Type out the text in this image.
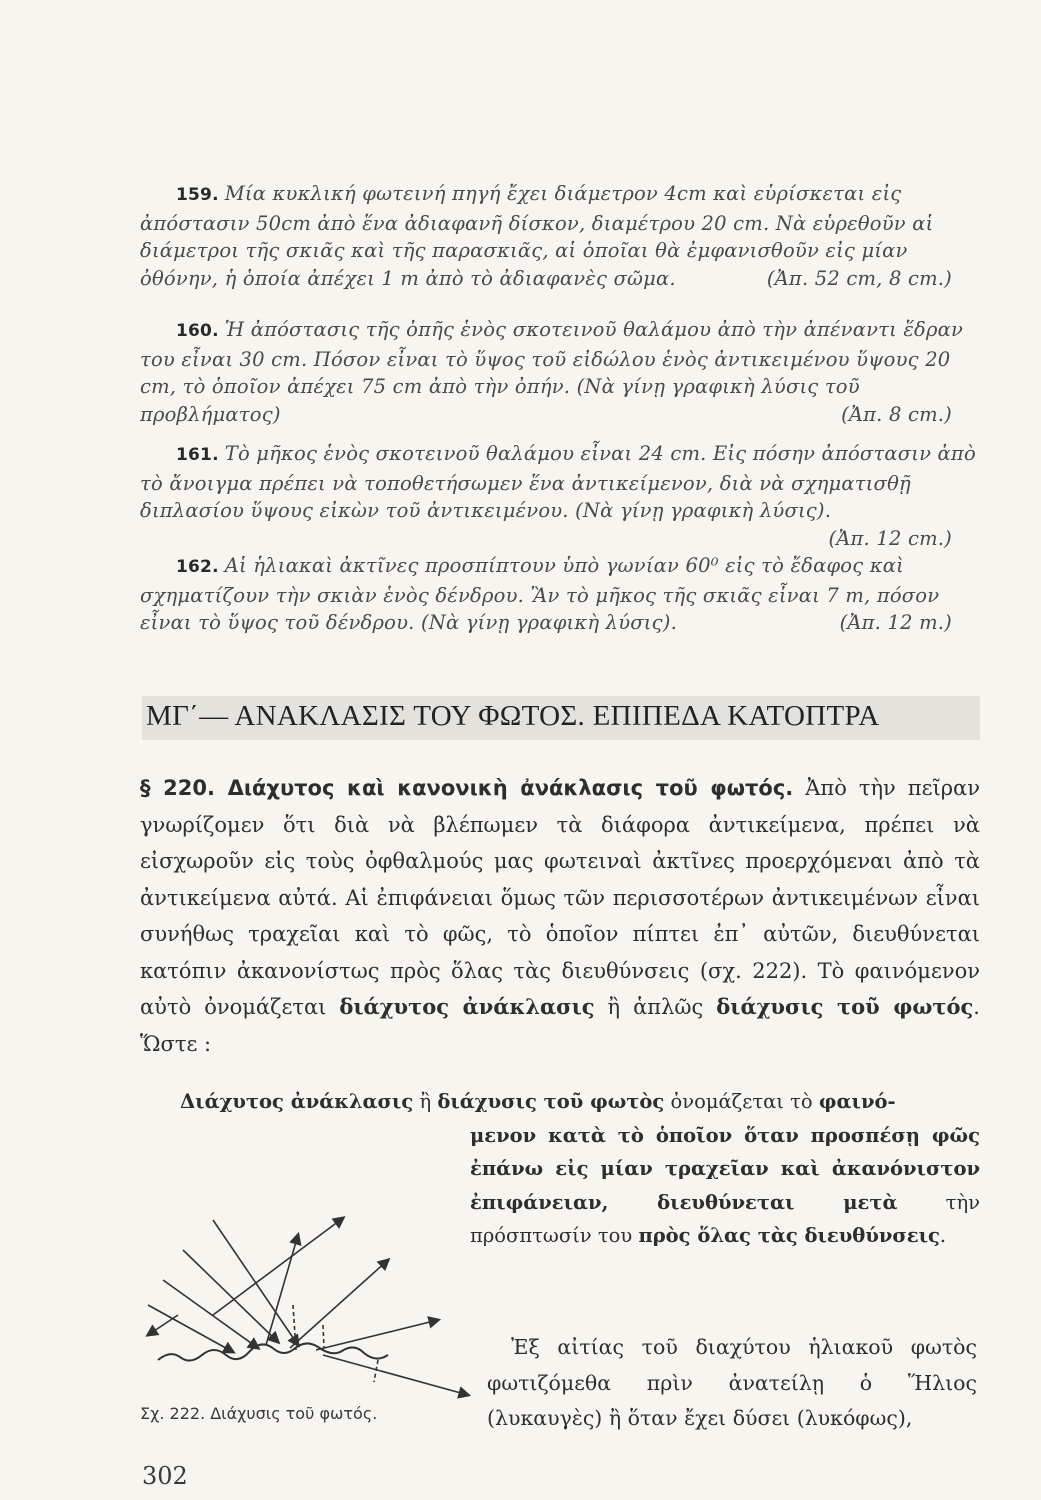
159. Μία κυκλική φωτεινή πηγή ἔχει διάμετρον 4cm καὶ εὑρίσκεται εἰς ἀπόστασιν 50cm ἀπὸ ἕνα ἀδιαφανῆ δίσκον, διαμέτρου 20 cm. Νὰ εὑρεθοῦν αἱ διάμετροι τῆς σκιᾶς καὶ τῆς παρασκιᾶς, αἱ ὁποῖαι θὰ ἐμφανισθοῦν εἰς μίαν ὀθόνην, ἡ ὁποία ἀπέχει 1 m ἀπὸ τὸ ἀδιαφανὲς σῶμα.	(Ἀπ. 52 cm, 8 cm.)

160. Ἡ ἀπόστασις τῆς ὀπῆς ἑνὸς σκοτεινοῦ θαλάμου ἀπὸ τὴν ἀπέναντι ἕδραν του εἶναι 30 cm. Πόσον εἶναι τὸ ὕψος τοῦ εἰδώλου ἑνὸς ἀντικειμένου ὕψους 20 cm, τὸ ὁποῖον ἀπέχει 75 cm ἀπὸ τὴν ὀπήν. (Νὰ γίνῃ γραφικὴ λύσις τοῦ προβλήματος)	(Ἀπ. 8 cm.)

161. Τὸ μῆκος ἑνὸς σκοτεινοῦ θαλάμου εἶναι 24 cm. Εἰς πόσην ἀπόστασιν ἀπὸ τὸ ἄνοιγμα πρέπει νὰ τοποθετήσωμεν ἕνα ἀντικείμενον, διὰ νὰ σχηματισθῇ διπλασίου ὕψους εἰκὼν τοῦ ἀντικειμένου. (Νὰ γίνῃ γραφικὴ λύσις).
(Ἀπ. 12 cm.)

162. Αἱ ἡλιακαὶ ἀκτῖνες προσπίπτουν ὑπὸ γωνίαν 60⁰ εἰς τὸ ἔδαφος καὶ σχηματίζουν τὴν σκιὰν ἑνὸς δένδρου. Ἂν τὸ μῆκος τῆς σκιᾶς εἶναι 7 m, πόσον εἶναι τὸ ὕψος τοῦ δένδρου. (Νὰ γίνῃ γραφικὴ λύσις).	(Ἀπ. 12 m.)

ΜΓ΄— ΑΝΑΚΛΑΣΙΣ ΤΟΥ ΦΩΤΟΣ. ΕΠΙΠΕΔΑ ΚΑΤΟΠΤΡΑ

§ 220. Διάχυτος καὶ κανονικὴ ἀνάκλασις τοῦ φωτός. Ἀπὸ τὴν πεῖραν γνωρίζομεν ὅτι διὰ νὰ βλέπωμεν τὰ διάφορα ἀντικείμενα, πρέπει νὰ εἰσχωροῦν εἰς τοὺς ὀφθαλμούς μας φωτειναὶ ἀκτῖνες προερχόμεναι ἀπὸ τὰ ἀντικείμενα αὐτά. Αἱ ἐπιφάνειαι ὅμως τῶν περισσοτέρων ἀντικειμένων εἶναι συνήθως τραχεῖαι καὶ τὸ φῶς, τὸ ὁποῖον πίπτει ἐπ᾽ αὐτῶν, διευθύνεται κατόπιν ἀκανονίστως πρὸς ὅλας τὰς διευθύνσεις (σχ. 222). Τὸ φαινόμενον αὐτὸ ὀνομάζεται διάχυτος ἀνάκλασις ἢ ἁπλῶς διάχυσις τοῦ φωτός. Ὥστε :

Διάχυτος ἀνάκλασις ἢ διάχυσις τοῦ φωτὸς ὀνομάζεται τὸ φαινό-

μενον κατὰ τὸ ὁποῖον ὅταν προσπέσῃ φῶς ἐπάνω εἰς μίαν τραχεῖαν καὶ ἀκανόνιστον ἐπιφάνειαν, διευθύνεται μετὰ τὴν πρόσπτωσίν του πρὸς ὅλας τὰς διευθύνσεις.

Σχ. 222. Διάχυσις τοῦ φωτός.

Ἐξ αἰτίας τοῦ διαχύτου ἡλιακοῦ φωτὸς φωτιζόμεθα πρὶν ἀνατείλῃ ὁ Ἥλιος (λυκαυγὲς) ἢ ὅταν ἔχει δύσει (λυκόφως),

302
